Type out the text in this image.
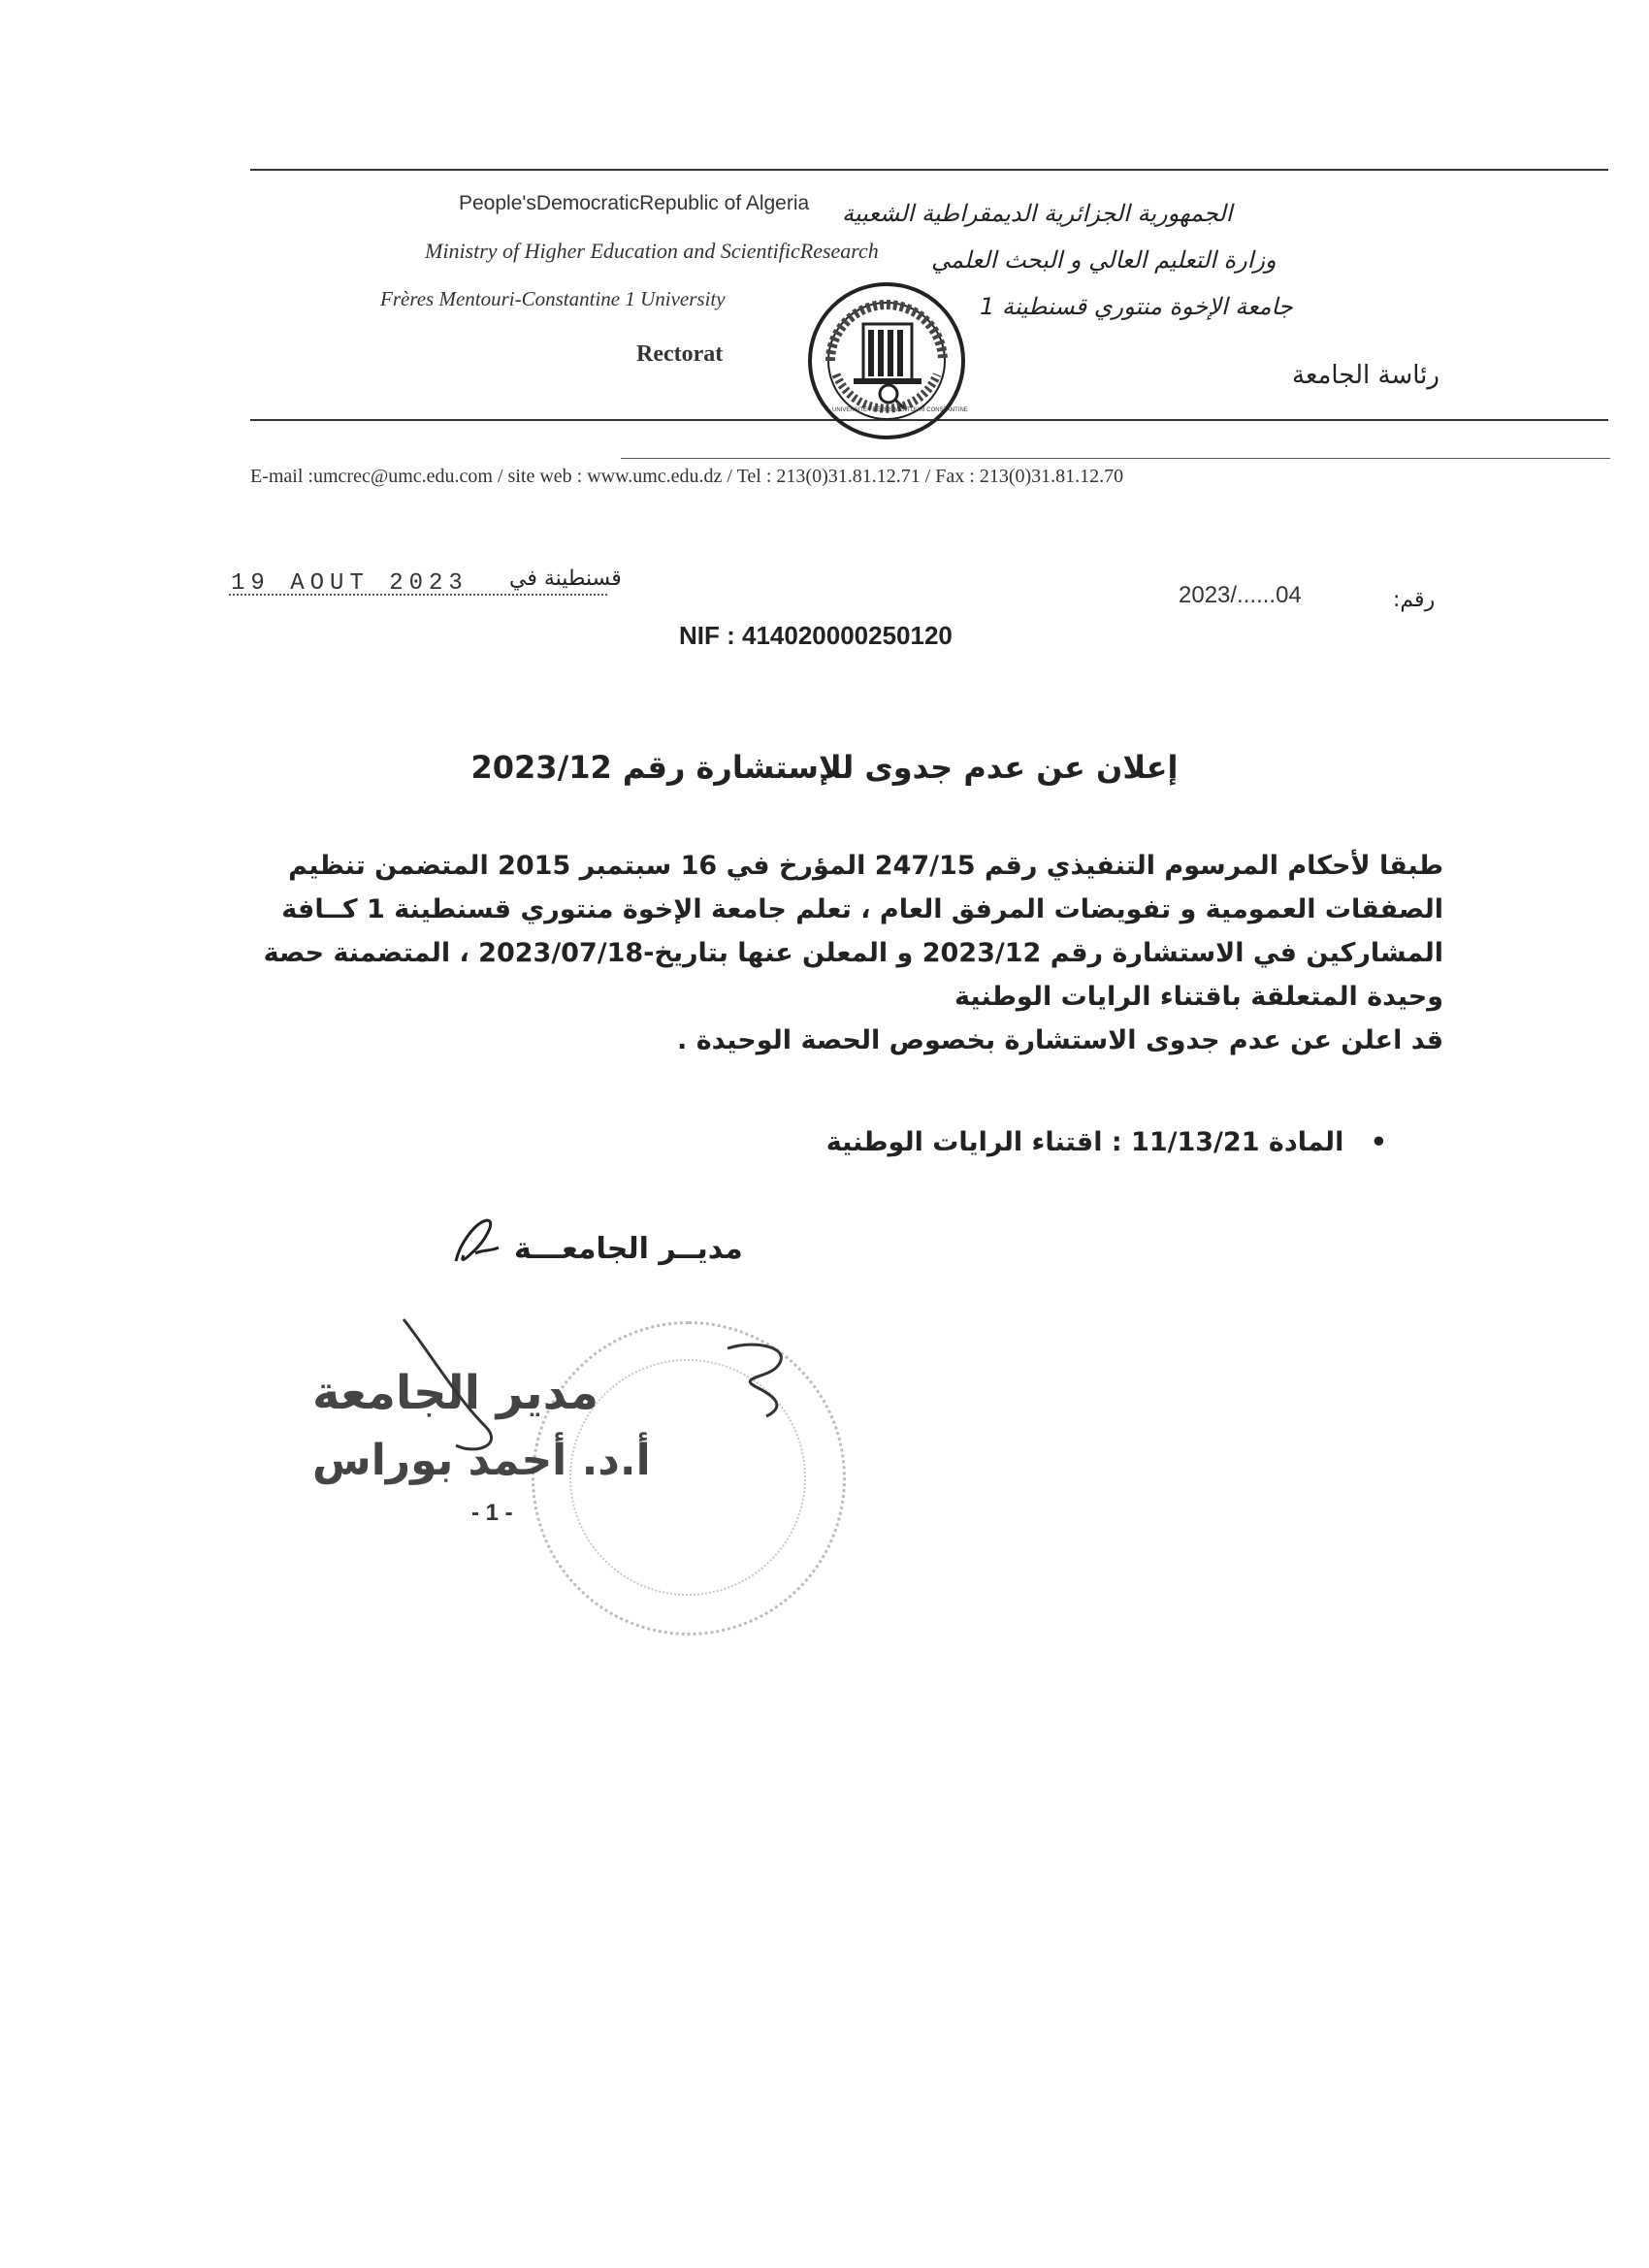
People'sDemocraticRepublic of Algeria الجمهورية الجزائرية الديمقراطية الشعبية
Ministry of Higher Education and ScientificResearch وزارة التعليم العالي و البحث العلمي
Frères Mentouri-Constantine 1 University	جامعة الإخوة منتوري قسنطينة 1
Rectorat
رئاسة الجامعة
UNIVERSITÉ FRÈRES MENTOURI CONSTANTINE
E-mail :umcrec@umc.edu.com / site web : www.umc.edu.dz / Tel : 213(0)31.81.12.71 / Fax : 213(0)31.81.12.70
قسنطينة في
19 AOUT 2023	2023/......04	رقم:
NIF : 414020000250120
إعلان عن عدم جدوى للإستشارة رقم 2023/12

طبقا لأحكام المرسوم التنفيذي رقم 247/15 المؤرخ في 16 سبتمبر 2015 المتضمن تنظيم

الصفقات العمومية و تفويضات المرفق العام ، تعلم جامعة الإخوة منتوري قسنطينة 1 كــافة

المشاركين في الاستشارة رقم 2023/12 و المعلن عنها بتاريخ-2023/07/18 ، المتضمنة حصة

وحيدة المتعلقة باقتناء الرايات الوطنية

قد اعلن عن عدم جدوى الاستشارة بخصوص الحصة الوحيدة .

• المادة 11/13/21 : اقتناء الرايات الوطنية
مديــر الجامعـــة
مدير الجامعة
أ.د. أحمد بوراس
- 1 -
